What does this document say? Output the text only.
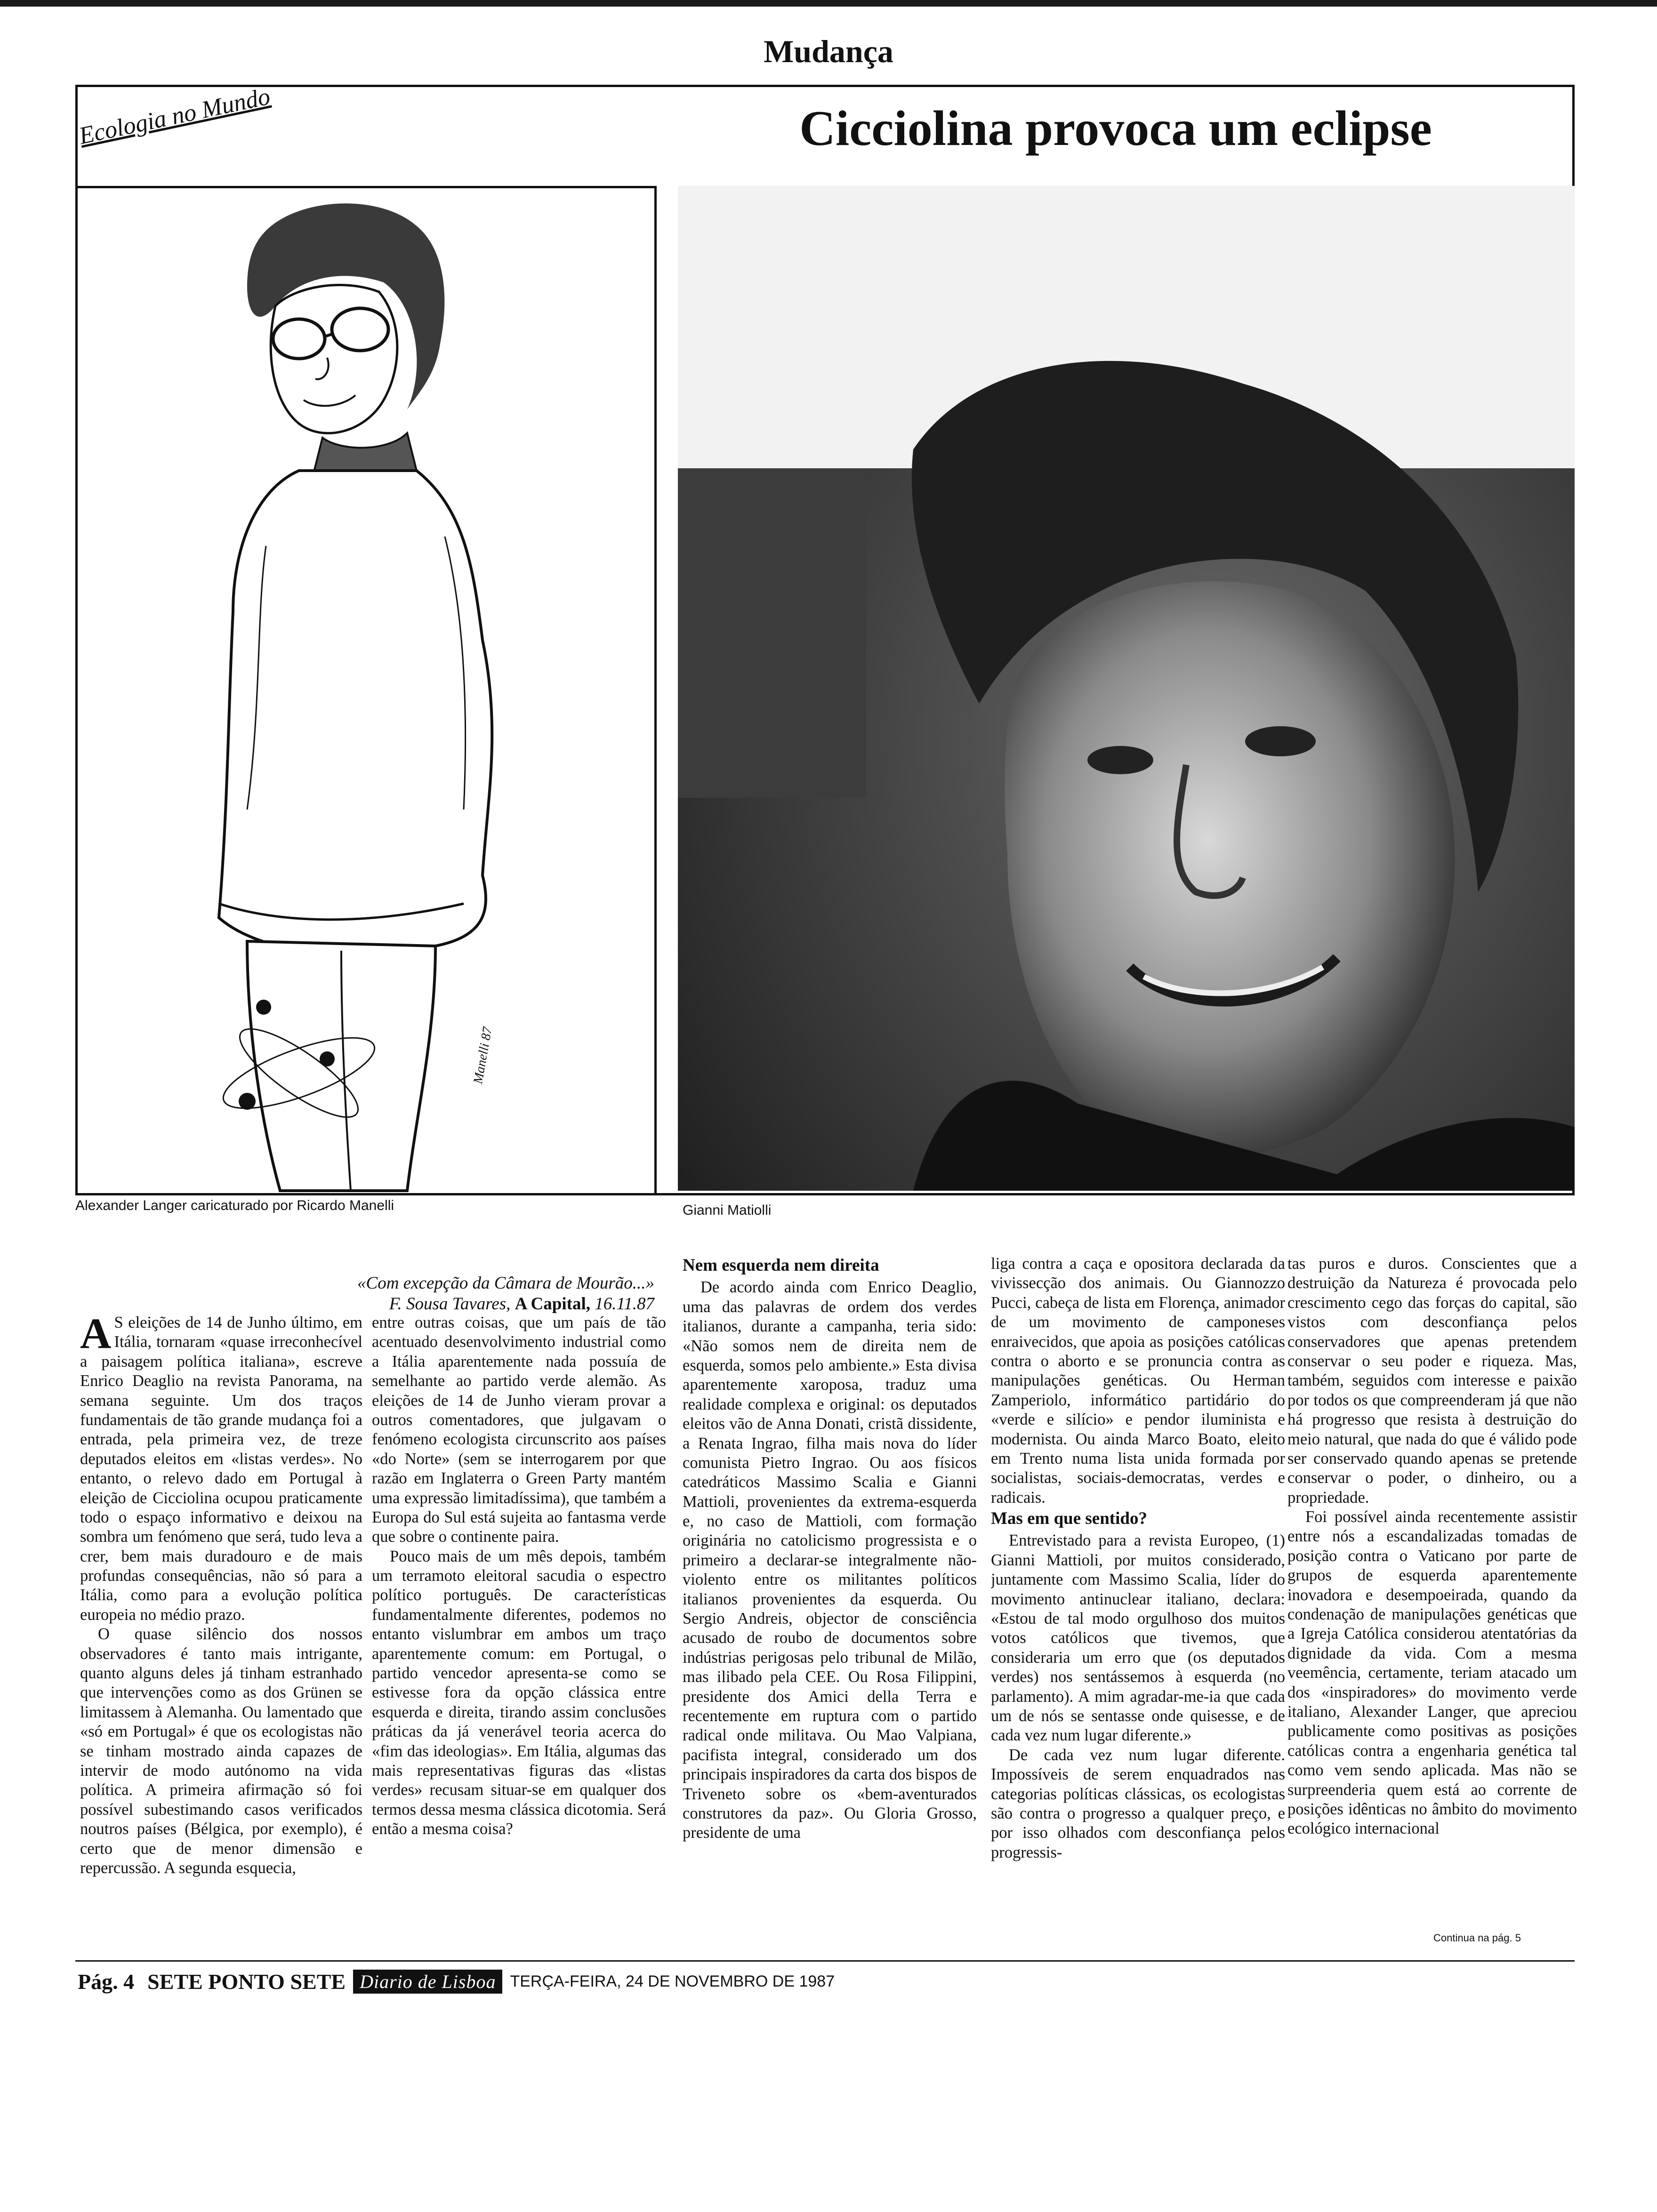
Mudança
Manelli 87
Ecologia no Mundo	Cicciolina provoca um eclipse
Alexander Langer caricaturado por Ricardo Manelli	Gianni Matiolli
«Com excepção da Câmara de Mourão...»
F. Sousa Tavares, A Capital, 16.11.87

A S eleições de 14 de Junho último, em Itália, tornaram «quase irreconhecível a paisagem política italiana», escreve Enrico Deaglio na revista Panorama, na semana seguinte. Um dos traços fundamentais de tão grande mudança foi a entrada, pela primeira vez, de treze deputados eleitos em «listas verdes». No entanto, o relevo dado em Portugal à eleição de Cicciolina ocupou praticamente todo o espaço informativo e deixou na sombra um fenómeno que será, tudo leva a crer, bem mais duradouro e de mais profundas consequências, não só para a Itália, como para a evolução política europeia no médio prazo.

O quase silêncio dos nossos observadores é tanto mais intrigante, quanto alguns deles já tinham estranhado que intervenções como as dos Grünen se limitassem à Alemanha. Ou lamentado que «só em Portugal» é que os ecologistas não se tinham mostrado ainda capazes de intervir de modo autónomo na vida política. A primeira afirmação só foi possível subestimando casos verificados noutros países (Bélgica, por exemplo), é certo que de menor dimensão e repercussão. A segunda esquecia,

entre outras coisas, que um país de tão acentuado desenvolvimento industrial como a Itália aparentemente nada possuía de semelhante ao partido verde alemão. As eleições de 14 de Junho vieram provar a outros comentadores, que julgavam o fenómeno ecologista circunscrito aos países «do Norte» (sem se interrogarem por que razão em Inglaterra o Green Party mantém uma expressão limitadíssima), que também a Europa do Sul está sujeita ao fantasma verde que sobre o continente paira.

Pouco mais de um mês depois, também um terramoto eleitoral sacudia o espectro político português. De características fundamentalmente diferentes, podemos no entanto vislumbrar em ambos um traço aparentemente comum: em Portugal, o partido vencedor apresenta-se como se estivesse fora da opção clássica entre esquerda e direita, tirando assim conclusões práticas da já venerável teoria acerca do «fim das ideologias». Em Itália, algumas das mais representativas figuras das «listas verdes» recusam situar-se em qualquer dos termos dessa mesma clássica dicotomia. Será então a mesma coisa?

Nem esquerda nem direita

De acordo ainda com Enrico Deaglio, uma das palavras de ordem dos verdes italianos, durante a campanha, teria sido: «Não somos nem de direita nem de esquerda, somos pelo ambiente.» Esta divisa aparentemente xaroposa, traduz uma realidade complexa e original: os deputados eleitos vão de Anna Donati, cristã dissidente, a Renata Ingrao, filha mais nova do líder comunista Pietro Ingrao. Ou aos físicos catedráticos Massimo Scalia e Gianni Mattioli, provenientes da extrema-esquerda e, no caso de Mattioli, com formação originária no catolicismo progressista e o primeiro a declarar-se integralmente não-violento entre os militantes políticos italianos provenientes da esquerda. Ou Sergio Andreis, objector de consciência acusado de roubo de documentos sobre indústrias perigosas pelo tribunal de Milão, mas ilibado pela CEE. Ou Rosa Filippini, presidente dos Amici della Terra e recentemente em ruptura com o partido radical onde militava. Ou Mao Valpiana, pacifista integral, considerado um dos principais inspiradores da carta dos bispos de Triveneto sobre os «bem-aventurados construtores da paz». Ou Gloria Grosso, presidente de uma

liga contra a caça e opositora declarada da vivissecção dos animais. Ou Giannozzo Pucci, cabeça de lista em Florença, animador de um movimento de camponeses enraivecidos, que apoia as posições católicas contra o aborto e se pronuncia contra as manipulações genéticas. Ou Herman Zamperiolo, informático partidário do «verde e silício» e pendor iluminista e modernista. Ou ainda Marco Boato, eleito em Trento numa lista unida formada por socialistas, sociais-democratas, verdes e radicais.

Mas em que sentido?

Entrevistado para a revista Europeo, (1) Gianni Mattioli, por muitos considerado, juntamente com Massimo Scalia, líder do movimento antinuclear italiano, declara: «Estou de tal modo orgulhoso dos muitos votos católicos que tivemos, que consideraria um erro que (os deputados verdes) nos sentássemos à esquerda (no parlamento). A mim agradar-me-ia que cada um de nós se sentasse onde quisesse, e de cada vez num lugar diferente.»

De cada vez num lugar diferente. Impossíveis de serem enquadrados nas categorias políticas clássicas, os ecologistas são contra o progresso a qualquer preço, e por isso olhados com desconfiança pelos progressis-

tas puros e duros. Conscientes que a destruição da Natureza é provocada pelo crescimento cego das forças do capital, são vistos com desconfiança pelos conservadores que apenas pretendem conservar o seu poder e riqueza. Mas, também, seguidos com interesse e paixão por todos os que compreenderam já que não há progresso que resista à destruição do meio natural, que nada do que é válido pode ser conservado quando apenas se pretende conservar o poder, o dinheiro, ou a propriedade.

Foi possível ainda recentemente assistir entre nós a escandalizadas tomadas de posição contra o Vaticano por parte de grupos de esquerda aparentemente inovadora e desempoeirada, quando da condenação de manipulações genéticas que a Igreja Católica considerou atentatórias da dignidade da vida. Com a mesma veemência, certamente, teriam atacado um dos «inspiradores» do movimento verde italiano, Alexander Langer, que apreciou publicamente como positivas as posições católicas contra a engenharia genética tal como vem sendo aplicada. Mas não se surpreenderia quem está ao corrente de posições idênticas no âmbito do movimento ecológico internacional

Continua na pág. 5
Pág. 4 SETE PONTO SETE Diario de Lisboa TERÇA-FEIRA, 24 DE NOVEMBRO DE 1987
